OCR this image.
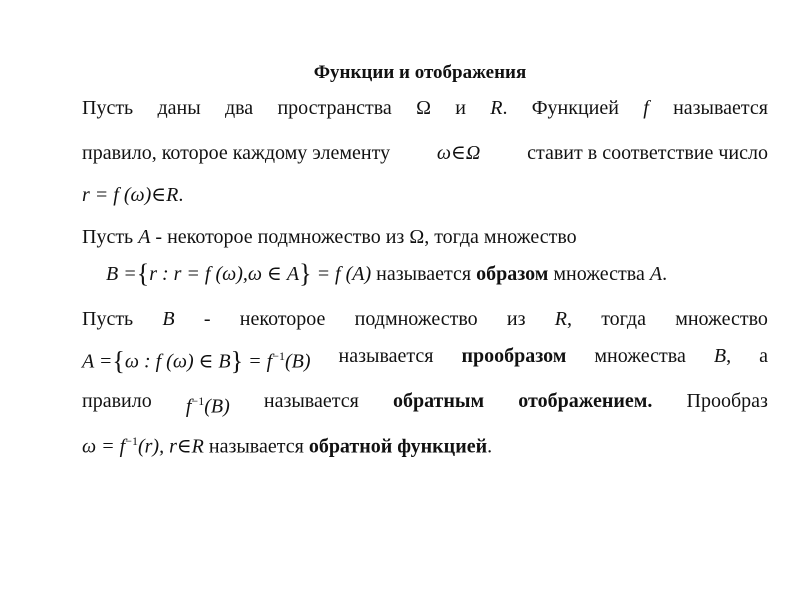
Функции и отображения
Пусть даны два пространства Ω и R. Функцией f называется
правило, которое каждому элементу ω∈Ω ставит в соответствие число
r = f (ω)∈R.
Пусть A - некоторое подмножество из Ω, тогда множество
B ={r : r = f (ω),ω ∈ A} = f (A) называется образом множества A.
Пусть B - некоторое подмножество из R, тогда множество
A ={ω : f (ω) ∈ $B\} = f^{-1}(B)$ называется прообразом множества B, а
правило $f^{-1}(B)$ называется обратным отображением. Прообраз
$\omega = f^{-1}(r)$, r∈R называется обратной функцией.
